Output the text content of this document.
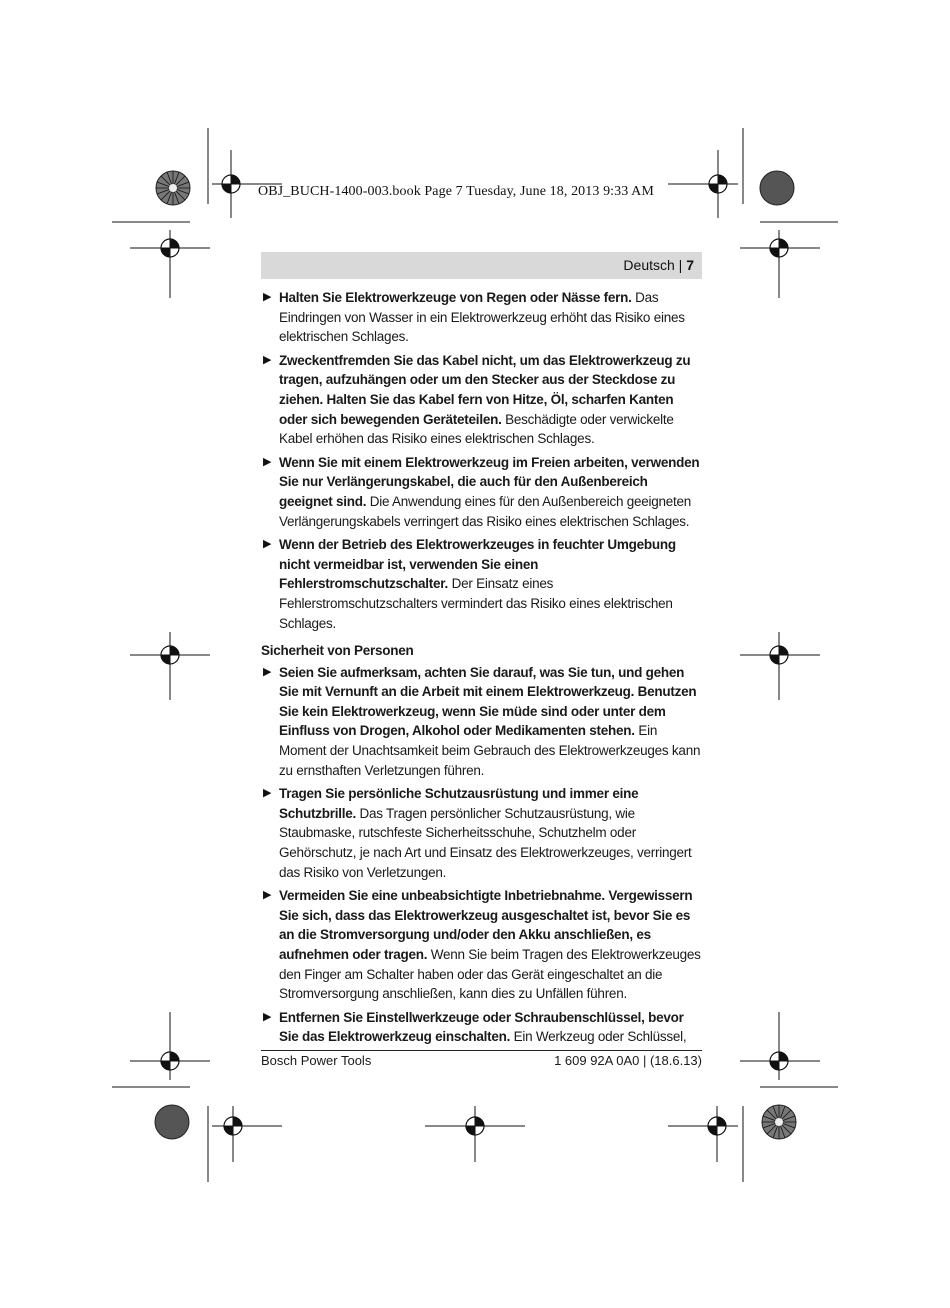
OBJ_BUCH-1400-003.book Page 7 Tuesday, June 18, 2013 9:33 AM
Deutsch | 7
▶ Halten Sie Elektrowerkzeuge von Regen oder Nässe fern. Das Eindringen von Wasser in ein Elektrowerkzeug erhöht das Risiko eines elektrischen Schlages.
▶ Zweckentfremden Sie das Kabel nicht, um das Elektrowerkzeug zu tragen, aufzuhängen oder um den Stecker aus der Steckdose zu ziehen. Halten Sie das Kabel fern von Hitze, Öl, scharfen Kanten oder sich bewegenden Geräteteilen. Beschädigte oder verwickelte Kabel erhöhen das Risiko eines elektrischen Schlages.
▶ Wenn Sie mit einem Elektrowerkzeug im Freien arbeiten, verwenden Sie nur Verlängerungskabel, die auch für den Außenbereich geeignet sind. Die Anwendung eines für den Außenbereich geeigneten Verlängerungskabels verringert das Risiko eines elektrischen Schlages.
▶ Wenn der Betrieb des Elektrowerkzeuges in feuchter Umgebung nicht vermeidbar ist, verwenden Sie einen Fehlerstromschutzschalter. Der Einsatz eines Fehlerstromschutzschalters vermindert das Risiko eines elektrischen Schlages.
Sicherheit von Personen
▶ Seien Sie aufmerksam, achten Sie darauf, was Sie tun, und gehen Sie mit Vernunft an die Arbeit mit einem Elektrowerkzeug. Benutzen Sie kein Elektrowerkzeug, wenn Sie müde sind oder unter dem Einfluss von Drogen, Alkohol oder Medikamenten stehen. Ein Moment der Unachtsamkeit beim Gebrauch des Elektrowerkzeuges kann zu ernsthaften Verletzungen führen.
▶ Tragen Sie persönliche Schutzausrüstung und immer eine Schutzbrille. Das Tragen persönlicher Schutzausrüstung, wie Staubmaske, rutschfeste Sicherheitsschuhe, Schutzhelm oder Gehörschutz, je nach Art und Einsatz des Elektrowerkzeuges, verringert das Risiko von Verletzungen.
▶ Vermeiden Sie eine unbeabsichtigte Inbetriebnahme. Vergewissern Sie sich, dass das Elektrowerkzeug ausgeschaltet ist, bevor Sie es an die Stromversorgung und/oder den Akku anschließen, es aufnehmen oder tragen. Wenn Sie beim Tragen des Elektrowerkzeuges den Finger am Schalter haben oder das Gerät eingeschaltet an die Stromversorgung anschließen, kann dies zu Unfällen führen.
▶ Entfernen Sie Einstellwerkzeuge oder Schraubenschlüssel, bevor Sie das Elektrowerkzeug einschalten. Ein Werkzeug oder Schlüssel,
Bosch Power Tools	1 609 92A 0A0 | (18.6.13)
